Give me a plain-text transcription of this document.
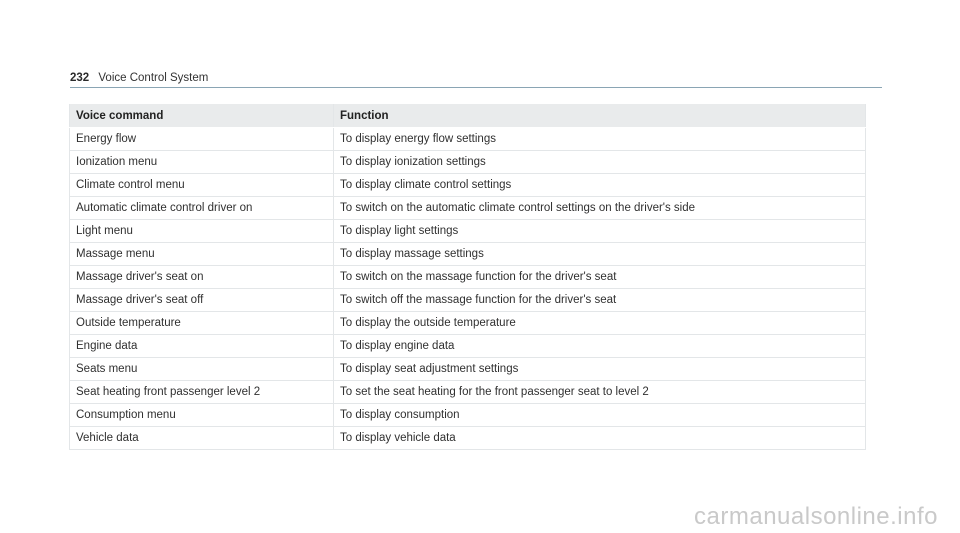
232 Voice Control System
Voice command	Function
Energy flow	To display energy flow settings
Ionization menu	To display ionization settings
Climate control menu	To display climate control settings
Automatic climate control driver on	To switch on the automatic climate control settings on the driver's side
Light menu	To display light settings
Massage menu	To display massage settings
Massage driver's seat on	To switch on the massage function for the driver's seat
Massage driver's seat off	To switch off the massage function for the driver's seat
Outside temperature	To display the outside temperature
Engine data	To display engine data
Seats menu	To display seat adjustment settings
Seat heating front passenger level 2	To set the seat heating for the front passenger seat to level 2
Consumption menu	To display consumption
Vehicle data	To display vehicle data
carmanualsonline.info
